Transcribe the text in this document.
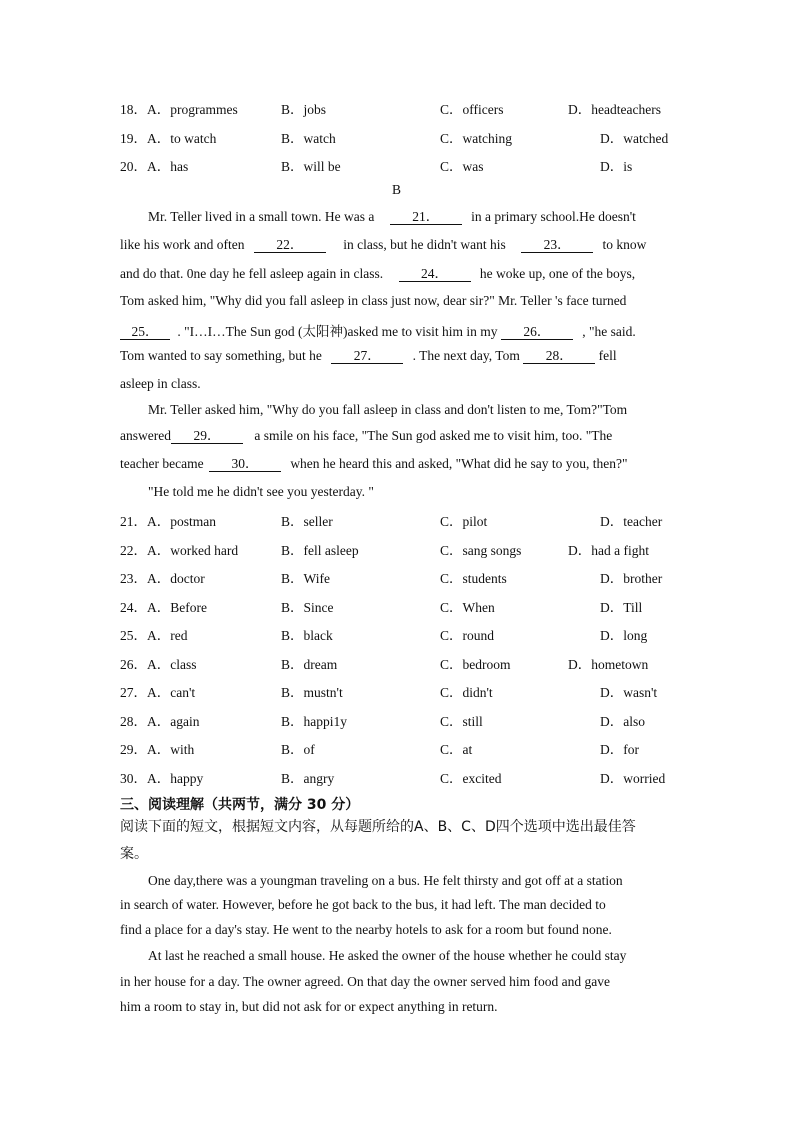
18．A．programmes	B．jobs	C．officers	D．headteachers
19．A．to watch	B．watch	C．watching	D．watched
20．A．has	B．will be	C．was	D．is
B
Mr. Teller lived in a small town. He was a	21． in a primary school.He doesn't
like his work and often 22．	in class, but he didn't want his	23． to know
and do that. 0ne day he fell asleep again in class.	24． he woke up, one of the boys,
Tom asked him, "Why did you fall asleep in class just now, dear sir?" Mr. Teller 's face turned
25． . "I…I…The Sun god (太阳神)asked me to visit him in my 26． , "he said.
Tom wanted to say something, but he 27． . The next day, Tom 28． fell
asleep in class.
Mr. Teller asked him, "Why do you fall asleep in class and don't listen to me, Tom?"Tom
answered 29．	a smile on his face, "The Sun god asked me to visit him, too. "The
teacher became 30． when he heard this and asked, "What did he say to you, then?"
"He told me he didn't see you yesterday. "
21．A．postman	B．seller	C．pilot	D．teacher
22．A．worked hard	B．fell asleep	C．sang songs	D．had a fight
23．A．doctor	B．Wife	C．students	D．brother
24．A．Before	B．Since	C．When	D．Till
25．A．red	B．black	C．round	D．long
26．A．class	B．dream	C．bedroom	D．hometown
27．A．can't	B．mustn't	C．didn't	D．wasn't
28．A．again	B．happi1y	C．still	D．also
29．A．with	B．of	C．at	D．for
30．A．happy	B．angry	C．excited	D．worried
三、阅读理解（共两节，满分 30 分）
阅读下面的短文，根据短文内容，从每题所给的A、B、C、D四个选项中选出最佳答
案。
One day,there was a youngman traveling on a bus. He felt thirsty and got off at a station
in search of water. However, before he got back to the bus, it had left. The man decided to
find a place for a day's stay. He went to the nearby hotels to ask for a room but found none.
At last he reached a small house. He asked the owner of the house whether he could stay
in her house for a day. The owner agreed. On that day the owner served him food and gave
him a room to stay in, but did not ask for or expect anything in return.
